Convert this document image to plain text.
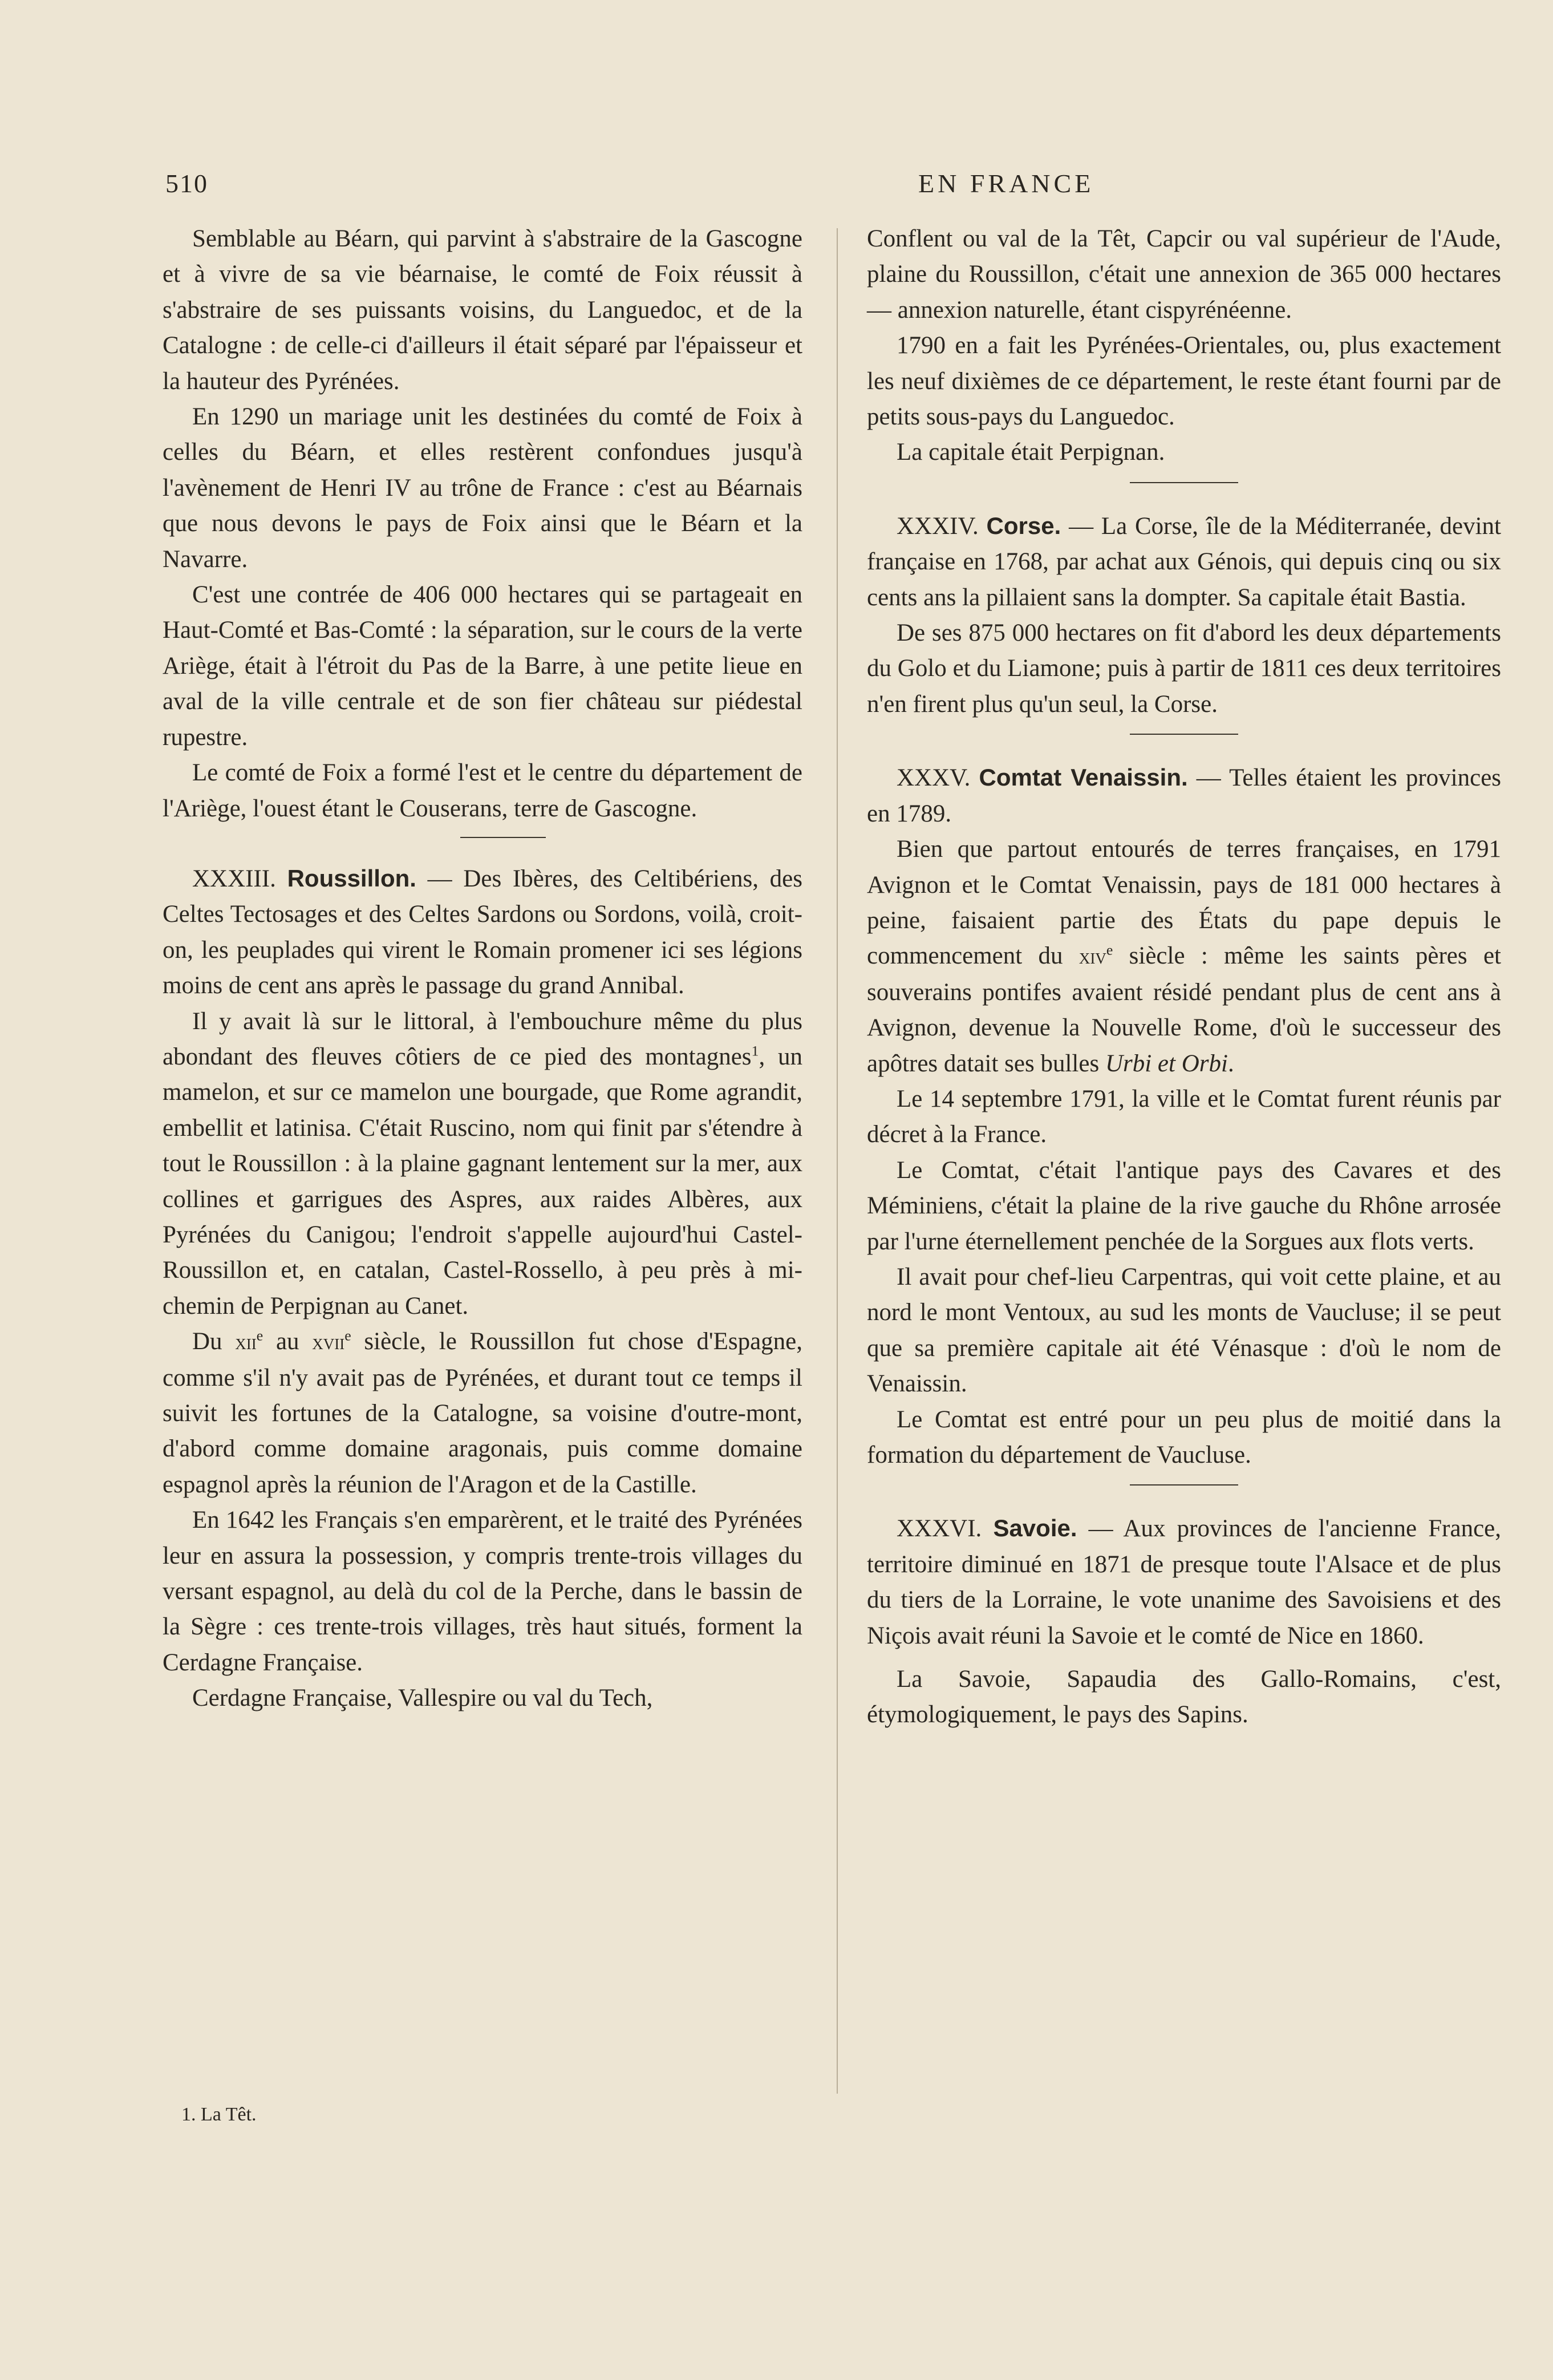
510	EN FRANCE

Semblable au Béarn, qui parvint à s'abstraire de la Gascogne et à vivre de sa vie béarnaise, le comté de Foix réussit à s'abstraire de ses puissants voisins, du Languedoc, et de la Catalogne : de celle-ci d'ailleurs il était séparé par l'épaisseur et la hauteur des Pyrénées.

En 1290 un mariage unit les destinées du comté de Foix à celles du Béarn, et elles restèrent confondues jusqu'à l'avènement de Henri IV au trône de France : c'est au Béarnais que nous devons le pays de Foix ainsi que le Béarn et la Navarre.

C'est une contrée de 406 000 hectares qui se partageait en Haut-Comté et Bas-Comté : la séparation, sur le cours de la verte Ariège, était à l'étroit du Pas de la Barre, à une petite lieue en aval de la ville centrale et de son fier château sur piédestal rupestre.

Le comté de Foix a formé l'est et le centre du département de l'Ariège, l'ouest étant le Couserans, terre de Gascogne.

XXXIII. Roussillon. — Des Ibères, des Celtibériens, des Celtes Tectosages et des Celtes Sardons ou Sordons, voilà, croit-on, les peuplades qui virent le Romain promener ici ses légions moins de cent ans après le passage du grand Annibal.

Il y avait là sur le littoral, à l'embouchure même du plus abondant des fleuves côtiers de ce pied des montagnes$^1$, un mamelon, et sur ce mamelon une bourgade, que Rome agrandit, embellit et latinisa. C'était Ruscino, nom qui finit par s'étendre à tout le Roussillon : à la plaine gagnant lentement sur la mer, aux collines et garrigues des Aspres, aux raides Albères, aux Pyrénées du Canigou; l'endroit s'appelle aujourd'hui Castel-Roussillon et, en catalan, Castel-Rossello, à peu près à mi-chemin de Perpignan au Canet.

Du xii$^e$ au xvii$^e$ siècle, le Roussillon fut chose d'Espagne, comme s'il n'y avait pas de Pyrénées, et durant tout ce temps il suivit les fortunes de la Catalogne, sa voisine d'outre-mont, d'abord comme domaine aragonais, puis comme domaine espagnol après la réunion de l'Aragon et de la Castille.

En 1642 les Français s'en emparèrent, et le traité des Pyrénées leur en assura la possession, y compris trente-trois villages du versant espagnol, au delà du col de la Perche, dans le bassin de la Sègre : ces trente-trois villages, très haut situés, forment la Cerdagne Française.

Cerdagne Française, Vallespire ou val du Tech,

Conflent ou val de la Têt, Capcir ou val supérieur de l'Aude, plaine du Roussillon, c'était une annexion de 365 000 hectares — annexion naturelle, étant cispyrénéenne.

1790 en a fait les Pyrénées-Orientales, ou, plus exactement les neuf dixièmes de ce département, le reste étant fourni par de petits sous-pays du Languedoc.

La capitale était Perpignan.

XXXIV. Corse. — La Corse, île de la Méditerranée, devint française en 1768, par achat aux Génois, qui depuis cinq ou six cents ans la pillaient sans la dompter. Sa capitale était Bastia.

De ses 875 000 hectares on fit d'abord les deux départements du Golo et du Liamone; puis à partir de 1811 ces deux territoires n'en firent plus qu'un seul, la Corse.

XXXV. Comtat Venaissin. — Telles étaient les provinces en 1789.

Bien que partout entourés de terres françaises, en 1791 Avignon et le Comtat Venaissin, pays de 181 000 hectares à peine, faisaient partie des États du pape depuis le commencement du xiv$^e$ siècle : même les saints pères et souverains pontifes avaient résidé pendant plus de cent ans à Avignon, devenue la Nouvelle Rome, d'où le successeur des apôtres datait ses bulles Urbi et Orbi.

Le 14 septembre 1791, la ville et le Comtat furent réunis par décret à la France.

Le Comtat, c'était l'antique pays des Cavares et des Méminiens, c'était la plaine de la rive gauche du Rhône arrosée par l'urne éternellement penchée de la Sorgues aux flots verts.

Il avait pour chef-lieu Carpentras, qui voit cette plaine, et au nord le mont Ventoux, au sud les monts de Vaucluse; il se peut que sa première capitale ait été Vénasque : d'où le nom de Venaissin.

Le Comtat est entré pour un peu plus de moitié dans la formation du département de Vaucluse.

XXXVI. Savoie. — Aux provinces de l'ancienne France, territoire diminué en 1871 de presque toute l'Alsace et de plus du tiers de la Lorraine, le vote unanime des Savoisiens et des Niçois avait réuni la Savoie et le comté de Nice en 1860.

La Savoie, Sapaudia des Gallo-Romains, c'est, étymologiquement, le pays des Sapins.

1. La Têt.
